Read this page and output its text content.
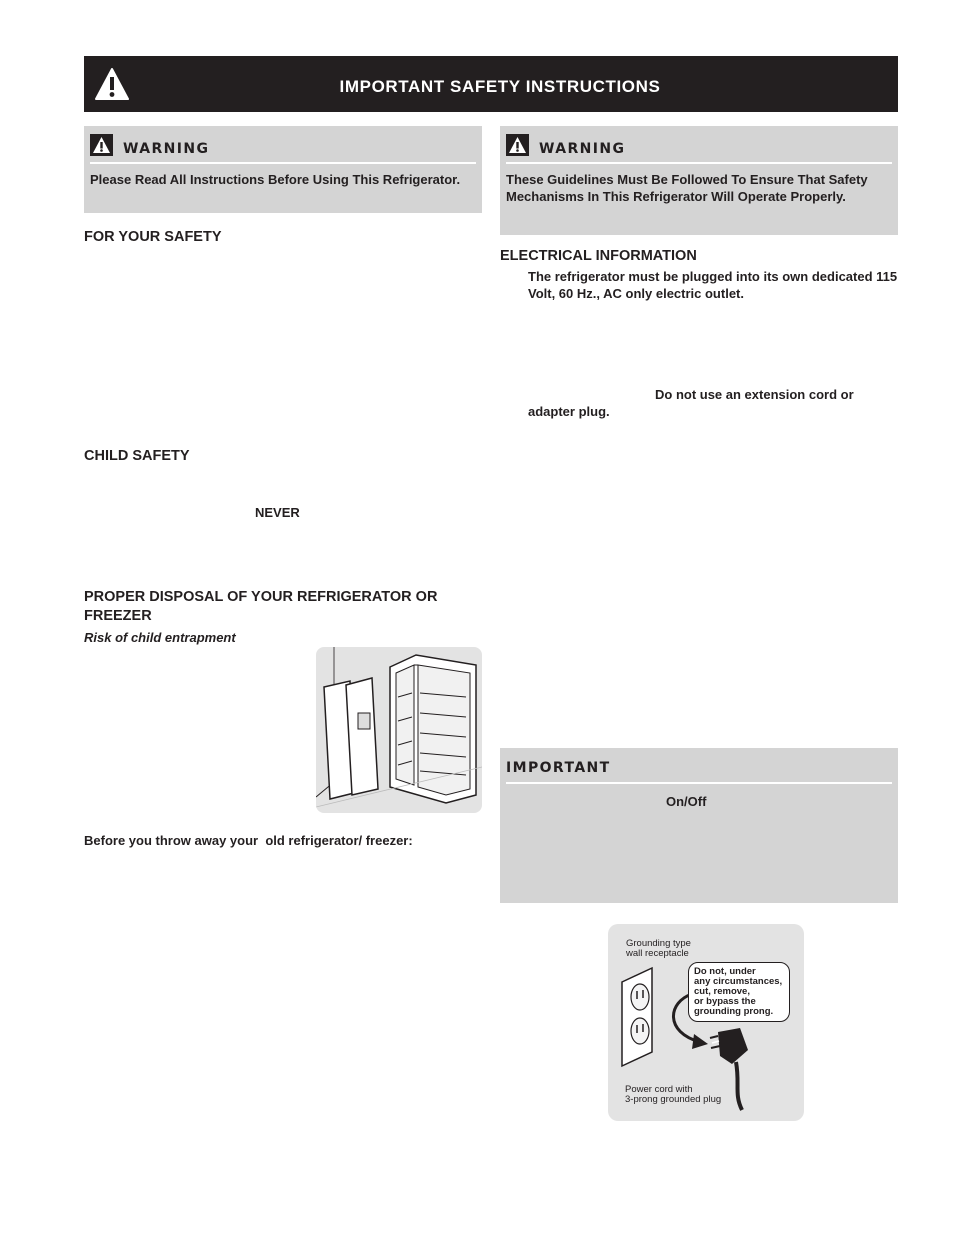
IMPORTANT SAFETY INSTRUCTIONS
WARNING
Please Read All Instructions Before Using This Refrigerator.
WARNING
These Guidelines Must Be Followed To Ensure That Safety Mechanisms In This Refrigerator Will Operate Properly.
FOR YOUR SAFETY
CHILD SAFETY
NEVER
PROPER DISPOSAL OF YOUR REFRIGERATOR OR FREEZER
Risk of child entrapment
Before you throw away your  old refrigerator/ freezer:
ELECTRICAL INFORMATION
The refrigerator must be plugged into its own dedicated 115 Volt, 60 Hz., AC only electric outlet.
Do not use an extension cord or
adapter plug.
IMPORTANT
On/Off
Grounding type
wall receptacle
Do not, under
any circumstances,
cut, remove,
or bypass the
grounding prong.
Power cord with
3-prong grounded plug
